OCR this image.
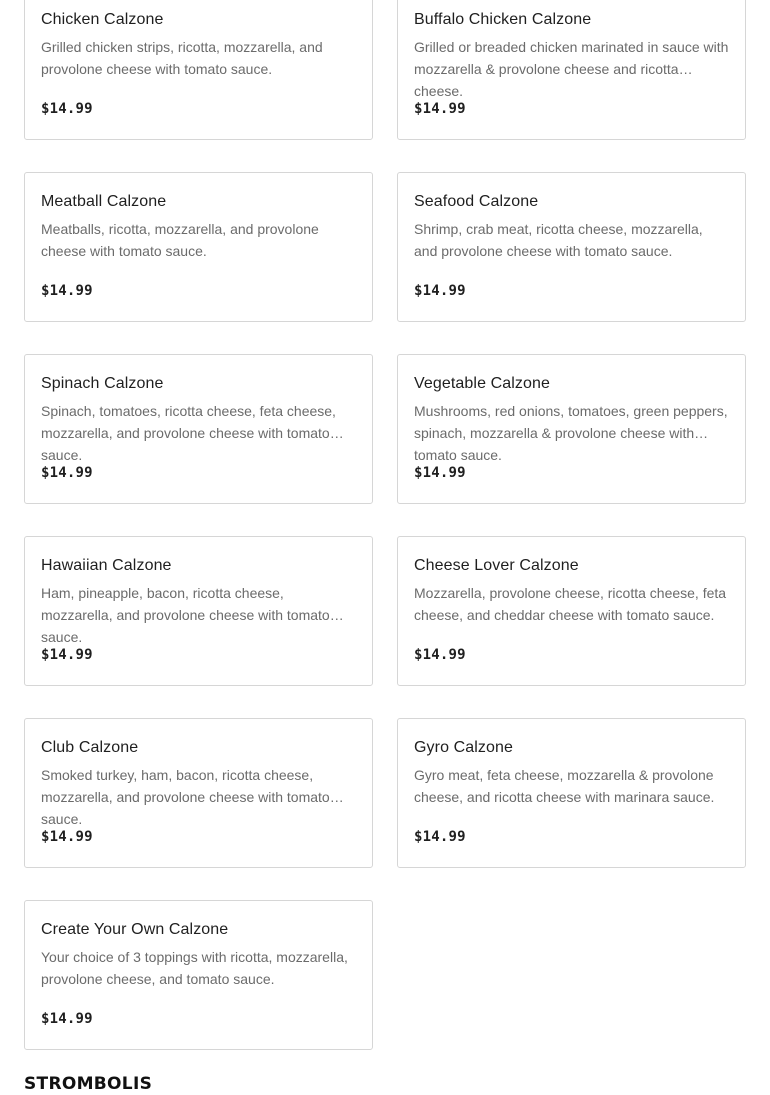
Chicken Calzone
Grilled chicken strips, ricotta, mozzarella, and provolone cheese with tomato sauce.
$14.99
Buffalo Chicken Calzone
Grilled or breaded chicken marinated in sauce with mozzarella & provolone cheese and ricotta cheese.
$14.99
Meatball Calzone
Meatballs, ricotta, mozzarella, and provolone cheese with tomato sauce.
$14.99
Seafood Calzone
Shrimp, crab meat, ricotta cheese, mozzarella, and provolone cheese with tomato sauce.
$14.99
Spinach Calzone
Spinach, tomatoes, ricotta cheese, feta cheese, mozzarella, and provolone cheese with tomato sauce.
$14.99
Vegetable Calzone
Mushrooms, red onions, tomatoes, green peppers, spinach, mozzarella & provolone cheese with tomato sauce.
$14.99
Hawaiian Calzone
Ham, pineapple, bacon, ricotta cheese, mozzarella, and provolone cheese with tomato sauce.
$14.99
Cheese Lover Calzone
Mozzarella, provolone cheese, ricotta cheese, feta cheese, and cheddar cheese with tomato sauce.
$14.99
Club Calzone
Smoked turkey, ham, bacon, ricotta cheese, mozzarella, and provolone cheese with tomato sauce.
$14.99
Gyro Calzone
Gyro meat, feta cheese, mozzarella & provolone cheese, and ricotta cheese with marinara sauce.
$14.99
Create Your Own Calzone
Your choice of 3 toppings with ricotta, mozzarella, provolone cheese, and tomato sauce.
$14.99
STROMBOLIS
